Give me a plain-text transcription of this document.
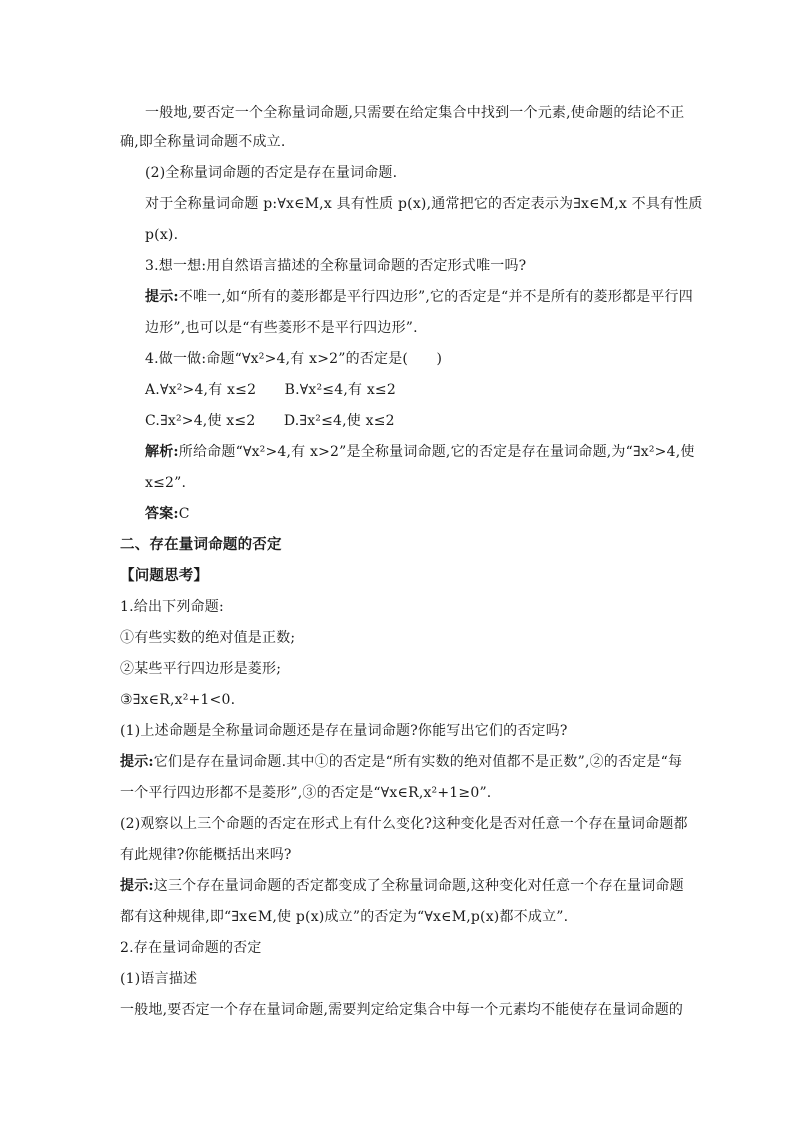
一般地,要否定一个全称量词命题,只需要在给定集合中找到一个元素,使命题的结论不正
确,即全称量词命题不成立.
(2)全称量词命题的否定是存在量词命题.
对于全称量词命题 p:∀x∈M,x 具有性质 p(x),通常把它的否定表示为∃x∈M,x 不具有性质
p(x).
3.想一想:用自然语言描述的全称量词命题的否定形式唯一吗?
提示:不唯一,如“所有的菱形都是平行四边形”,它的否定是“并不是所有的菱形都是平行四
边形”,也可以是“有些菱形不是平行四边形”.
4.做一做:命题“∀x²>4,有 x>2”的否定是(　　)
A.∀x²>4,有 x≤2　　B.∀x²≤4,有 x≤2
C.∃x²>4,使 x≤2　　D.∃x²≤4,使 x≤2
解析:所给命题“∀x²>4,有 x>2”是全称量词命题,它的否定是存在量词命题,为“∃x²>4,使
x≤2”.
答案:C
二、存在量词命题的否定
【问题思考】
1.给出下列命题:
①有些实数的绝对值是正数;
②某些平行四边形是菱形;
③∃x∈R,x²+1<0.
(1)上述命题是全称量词命题还是存在量词命题?你能写出它们的否定吗?
提示:它们是存在量词命题.其中①的否定是“所有实数的绝对值都不是正数”,②的否定是“每
一个平行四边形都不是菱形”,③的否定是“∀x∈R,x²+1≥0”.
(2)观察以上三个命题的否定在形式上有什么变化?这种变化是否对任意一个存在量词命题都
有此规律?你能概括出来吗?
提示:这三个存在量词命题的否定都变成了全称量词命题,这种变化对任意一个存在量词命题
都有这种规律,即“∃x∈M,使 p(x)成立”的否定为“∀x∈M,p(x)都不成立”.
2.存在量词命题的否定
(1)语言描述
一般地,要否定一个存在量词命题,需要判定给定集合中每一个元素均不能使存在量词命题的
